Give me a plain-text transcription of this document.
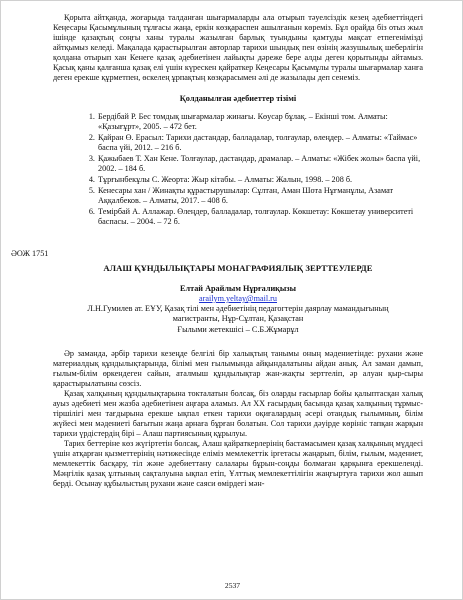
Қорыта айтқанда, жоғарыда талданған шығармаларды ала отырып тәуелсіздік кезең әдебиеттіндегі Кеңесары Қасымұлының тұлғасы жаңа, еркін көзқараспен ашылғанын көреміз. Бұл орайда біз отыз жыл ішінде қазақтың соңғы ханы туралы жазылған барлық туындыны қамтуды мақсат етпегенімізді айтқымыз келеді. Мақалада қарастырылған авторлар тарихи шындық пен өзінің жазушылық шеберлігін қолдана отырып хан Кенеге қазақ әдебиетінен лайықты дәреже бере алды деген қорытынды айтамыз. Қасық қаны қалғанша қазақ елі үшін күрескен қайраткер Кеңесары Қасымұлы туралы шығармалар ханға деген ерекше құрметпен, өскелең ұрпақтың көзқарасымен әлі де жазылады деп сенеміз.

Қолданылған әдебиеттер тізімі
1. Бердібай Р. Бес томдық шығармалар жинағы. Көусар бұлақ. – Екінші том. Алматы: «Қазығұрт», 2005. – 472 бет.
2. Қайран Ө. Ерасыл: Тарихи дастандар, балладалар, толғаулар, өлеңдер. – Алматы: «Таймас» баспа үйі, 2012. – 216 б.
3. Қажыбаев Т. Хан Кене. Толғаулар, дастандар, драмалар. – Алматы: «Жібек жолы» баспа үйі, 2002. – 184 б.
4. Тұрғынбекұлы С. Жеорта: Жыр кітабы. – Алматы: Жалын, 1998. – 208 б.
5. Кенесары хан / Жинақты құрастырушылар: Сұлтан, Аман Шота Нұғманұлы, Азамат Аққалбеков. – Алматы, 2017. – 408 б.
6. Темірбай А. Аллажар. Өлеңдер, балладалар, толғаулар. Көкшетау: Көкшетау университеті баспасы. – 2004. – 72 б.
ӘОЖ 1751
АЛАШ ҚҰНДЫЛЫҚТАРЫ МОНАГРАФИЯЛЫҚ ЗЕРТТЕУЛЕРДЕ
Елтай Арайлым Нұрғалиқызы
arailym.yeltay@mail.ru
Л.Н.Гумилев ат. ЕҰУ, Қазақ тілі мен әдебиетінің педагогтерін даярлау мамандығының магистранты, Нұр-Сұлтан, Қазақстан
Ғылыми жетекшісі – С.Б.Жұмарұл

Әр заманда, әрбір тарихи кезеңде белгілі бір халықтың танымы оның мәдениетінде: рухани және материалдық құндылықтарында, білімі мен ғылымында айқындалатыны айдан анық. Ал заман дамып, ғылым-білім өркендеген сайын, аталмыш құндылықтар жан-жақты зерттеліп, әр алуан қыр-сыры қарастырылатыны сөзсіз.

Қазақ халқының құндылықтарына токталатын болсақ, біз оларды ғасырлар бойы қалыптасқан халық ауыз әдебиеті мен жазба әдебиетінен аңғара аламыз. Ал ХХ ғасырдың басында қазақ халқының тұрмыс-тіршілігі мен тағдырына ерекше ықпал еткен тарихи оқиғалардың әсері отандық ғылымның, білім жүйесі мен мәдениеті бағытын жаңа арнаға бұрған болатын. Сол тарихи дәуірде көрініс тапқан жарқын тарихи үрдістердің бірі – Алаш партиясының құрылуы.

Тарих беттеріне көз жүгіртетін болсақ, Алаш қайраткерлерінің бастамасымен қазақ халқының мүддесі үшін атқарған қызметтерінің нәтижесінде еліміз мемлекеттік іргетасы жаңарып, білім, ғылым, мәдениет, мемлекеттік басқару, тіл және әдебиеттану салалары бұрын-соңды болмаған қарқынға ерекшеленді. Мәңгілік қазақ ұлтының сақталуына ықпал етіп, Ұлттық мемлекеттілігін жаңғыртуға тарихи жол ашып берді. Осынау құбылыстың рухани және саяси өмірдегі мән-

2537
